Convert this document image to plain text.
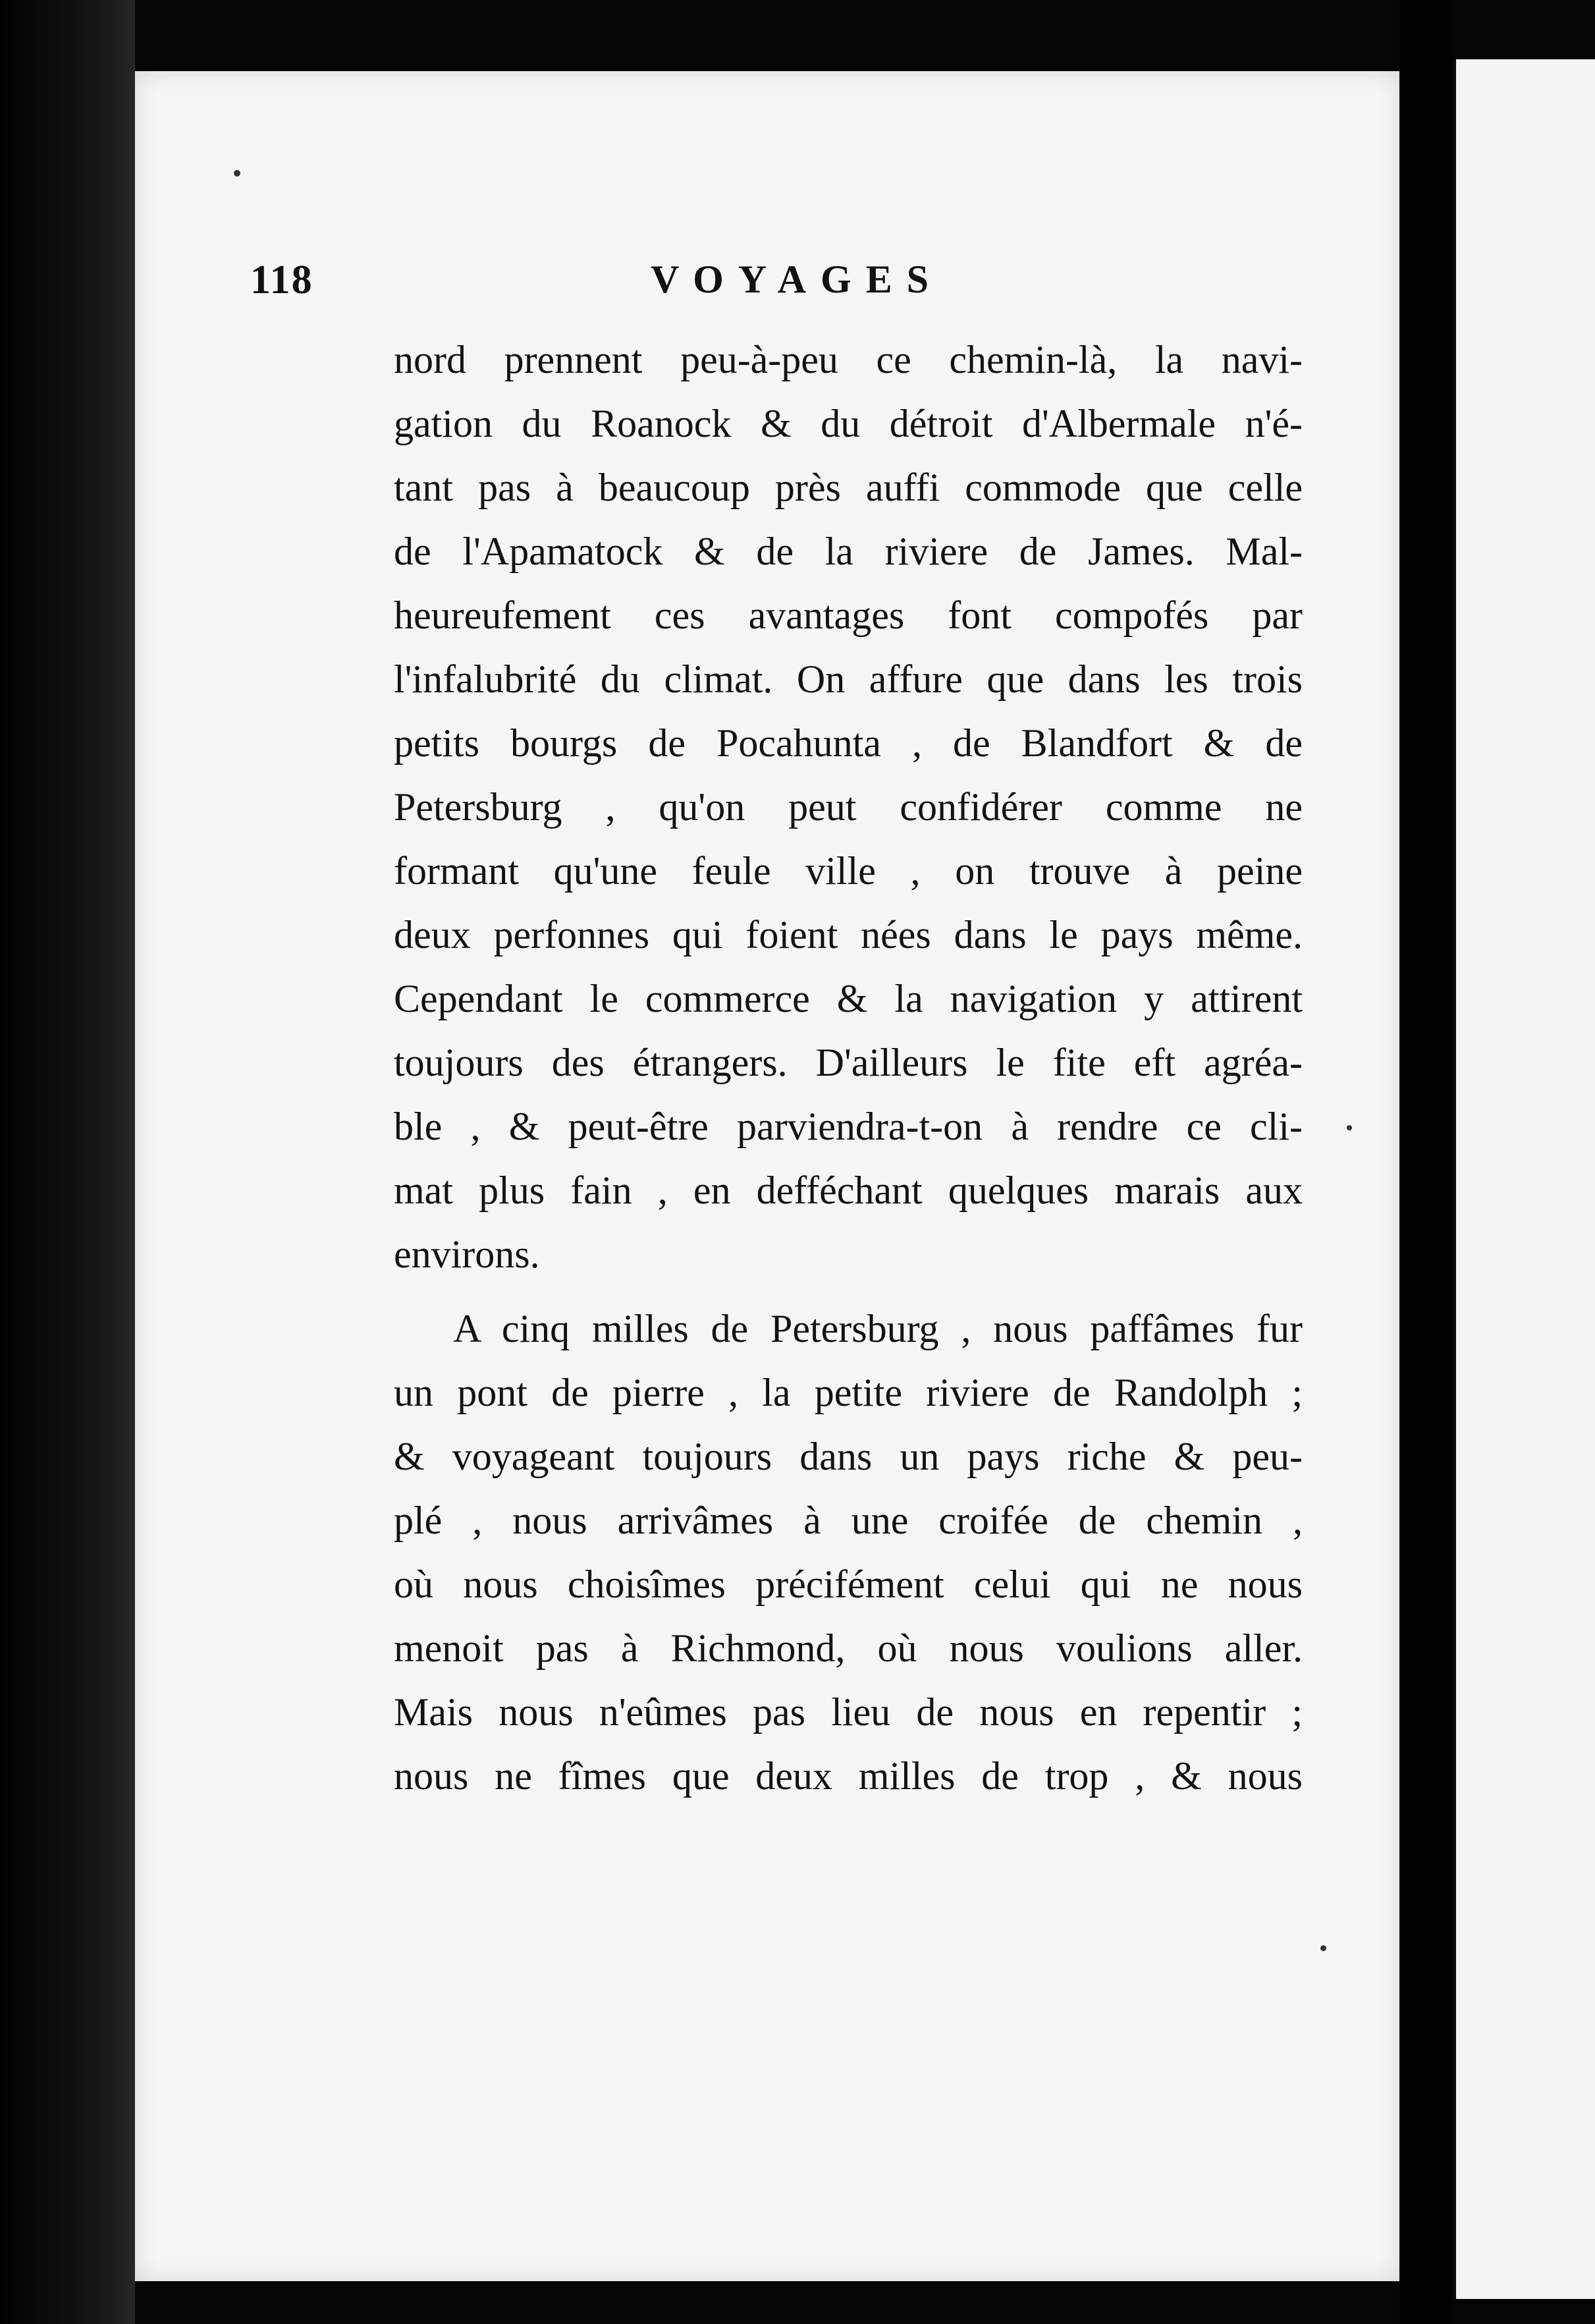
118	VOYAGES
nord prennent peu-à-peu ce chemin-là, la navi-
gation du Roanock & du détroit d'Albermale n'é-
tant pas à beaucoup près auffi commode que celle
de l'Apamatock & de la riviere de James. Mal-
heureufement ces avantages font compofés par
l'infalubrité du climat. On affure que dans les trois
petits bourgs de Pocahunta , de Blandfort & de
Petersburg , qu'on peut confidérer comme ne
formant qu'une feule ville , on trouve à peine
deux perfonnes qui foient nées dans le pays même.
Cependant le commerce & la navigation y attirent
toujours des étrangers. D'ailleurs le fite eft agréa-
ble , & peut-être parviendra-t-on à rendre ce cli-
mat plus fain , en defféchant quelques marais aux
environs.
A cinq milles de Petersburg , nous paffâmes fur
un pont de pierre , la petite riviere de Randolph ;
& voyageant toujours dans un pays riche & peu-
plé , nous arrivâmes à une croifée de chemin ,
où nous choisîmes précifément celui qui ne nous
menoit pas à Richmond, où nous voulions aller.
Mais nous n'eûmes pas lieu de nous en repentir ;
nous ne fîmes que deux milles de trop , & nous
